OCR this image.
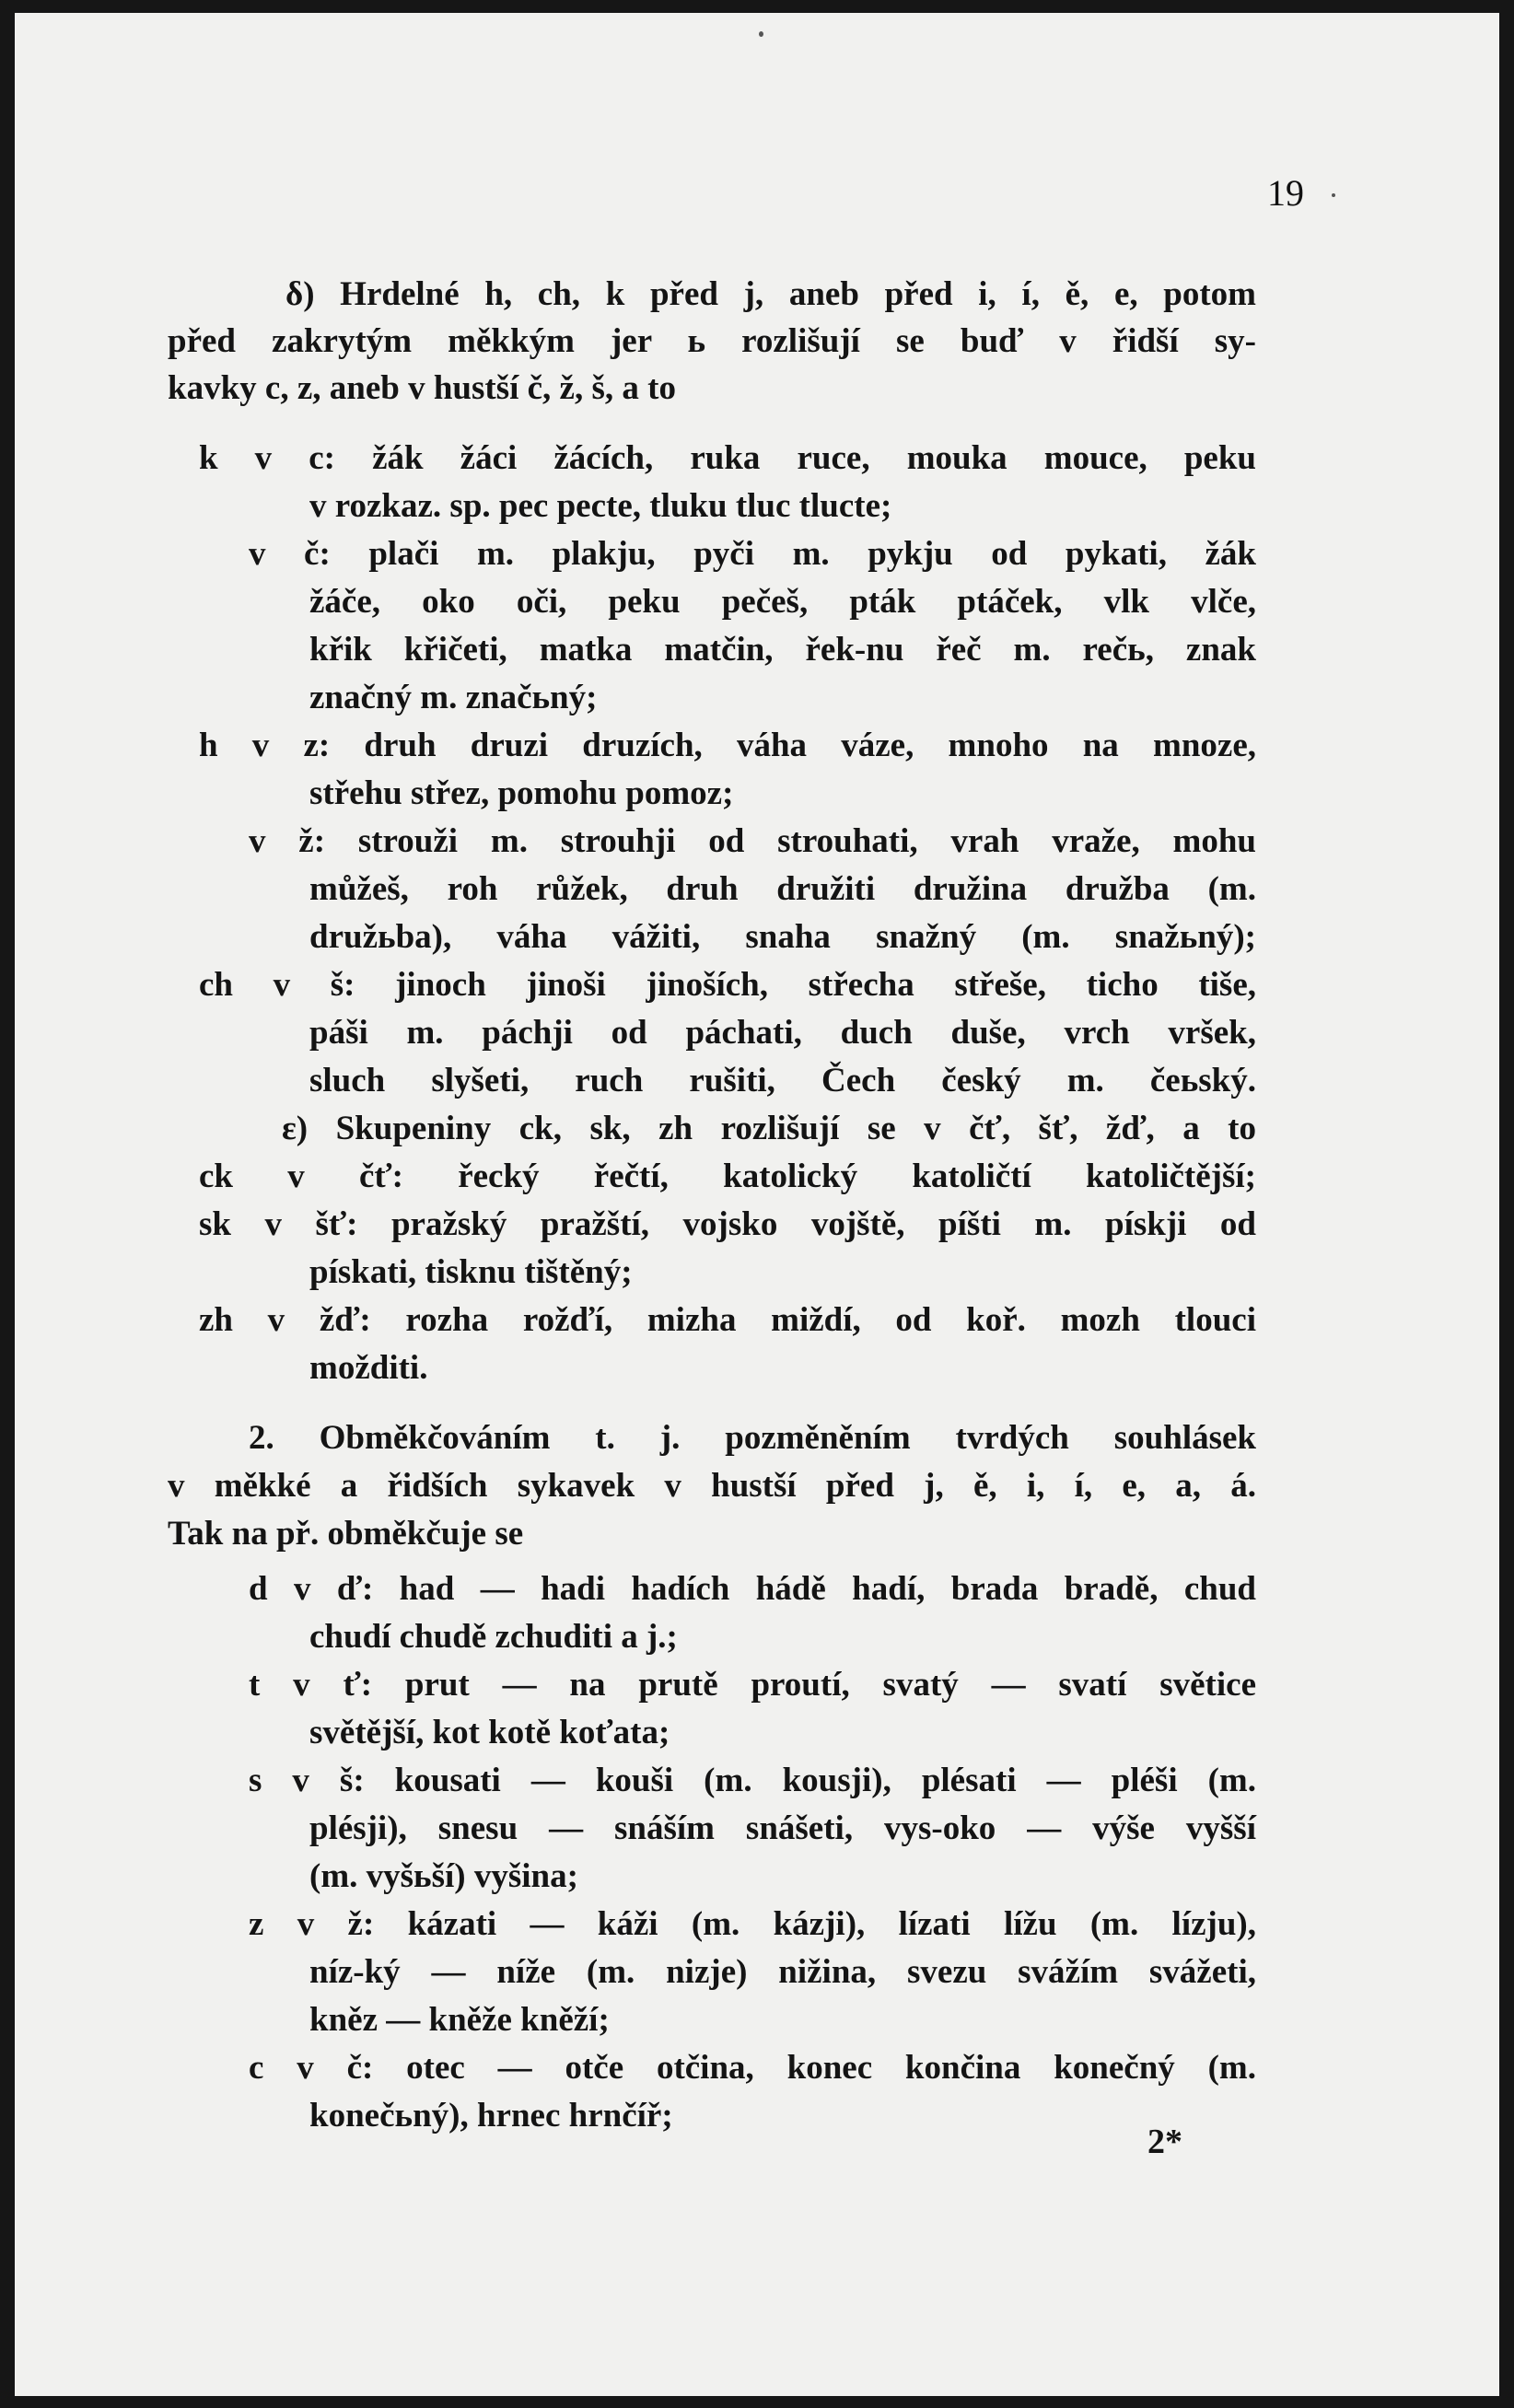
19
δ) Hrdelné h, ch, k před j, aneb před i, í, ě, e, potom
před zakrytým měkkým jer ь rozlišují se buď v řidší sy-
kavky c, z, aneb v hustší č, ž, š, a to
k v c: žák žáci žácích, ruka ruce, mouka mouce, peku
v rozkaz. sp. pec pecte, tluku tluc tlucte;
v č: plači m. plakju, pyči m. pykju od pykati, žák
žáče, oko oči, peku pečeš, pták ptáček, vlk vlče,
křik křičeti, matka matčin, řek-nu řeč m. rečь, znak
značný m. značьný;
h v z: druh druzi druzích, váha váze, mnoho na mnoze,
střehu střez, pomohu pomoz;
v ž: strouži m. strouhji od strouhati, vrah vraže, mohu
můžeš, roh růžek, druh družiti družina družba (m.
družьba), váha vážiti, snaha snažný (m. snažьný);
ch v š: jinoch jinoši jinoších, střecha střeše, ticho tiše,
páši m. páchji od páchati, duch duše, vrch vršek,
sluch slyšeti, ruch rušiti, Čech český m. čeьský.
ε) Skupeniny ck, sk, zh rozlišují se v čť, šť, žď, a to
ck v čť: řecký řečtí, katolický katoličtí katoličtější;
sk v šť: pražský pražští, vojsko vojště, píšti m. pískji od
pískati, tisknu tištěný;
zh v žď: rozha rožďí, mizha miždí, od koř. mozh tlouci
možditi.
2. Obměkčováním t. j. pozměněním tvrdých souhlásek
v měkké a řidších sykavek v hustší před j, ě, i, í, e, a, á.
Tak na př. obměkčuje se
d v ď: had — hadi hadích hádě hadí, brada bradě, chud
chudí chudě zchuditi a j.;
t v ť: prut — na prutě proutí, svatý — svatí světice
světější, kot kotě koťata;
s v š: kousati — kouši (m. kousji), plésati — pléši (m.
plésji), snesu — snáším snášeti, vys-oko — výše vyšší
(m. vyšьší) vyšina;
z v ž: kázati — káži (m. kázji), lízati lížu (m. lízju),
níz-ký — níže (m. nizje) nižina, svezu svážím svážeti,
kněz — kněže kněží;
c v č: otec — otče otčina, konec končina konečný (m.
konečьný), hrnec hrnčíř;
2*
